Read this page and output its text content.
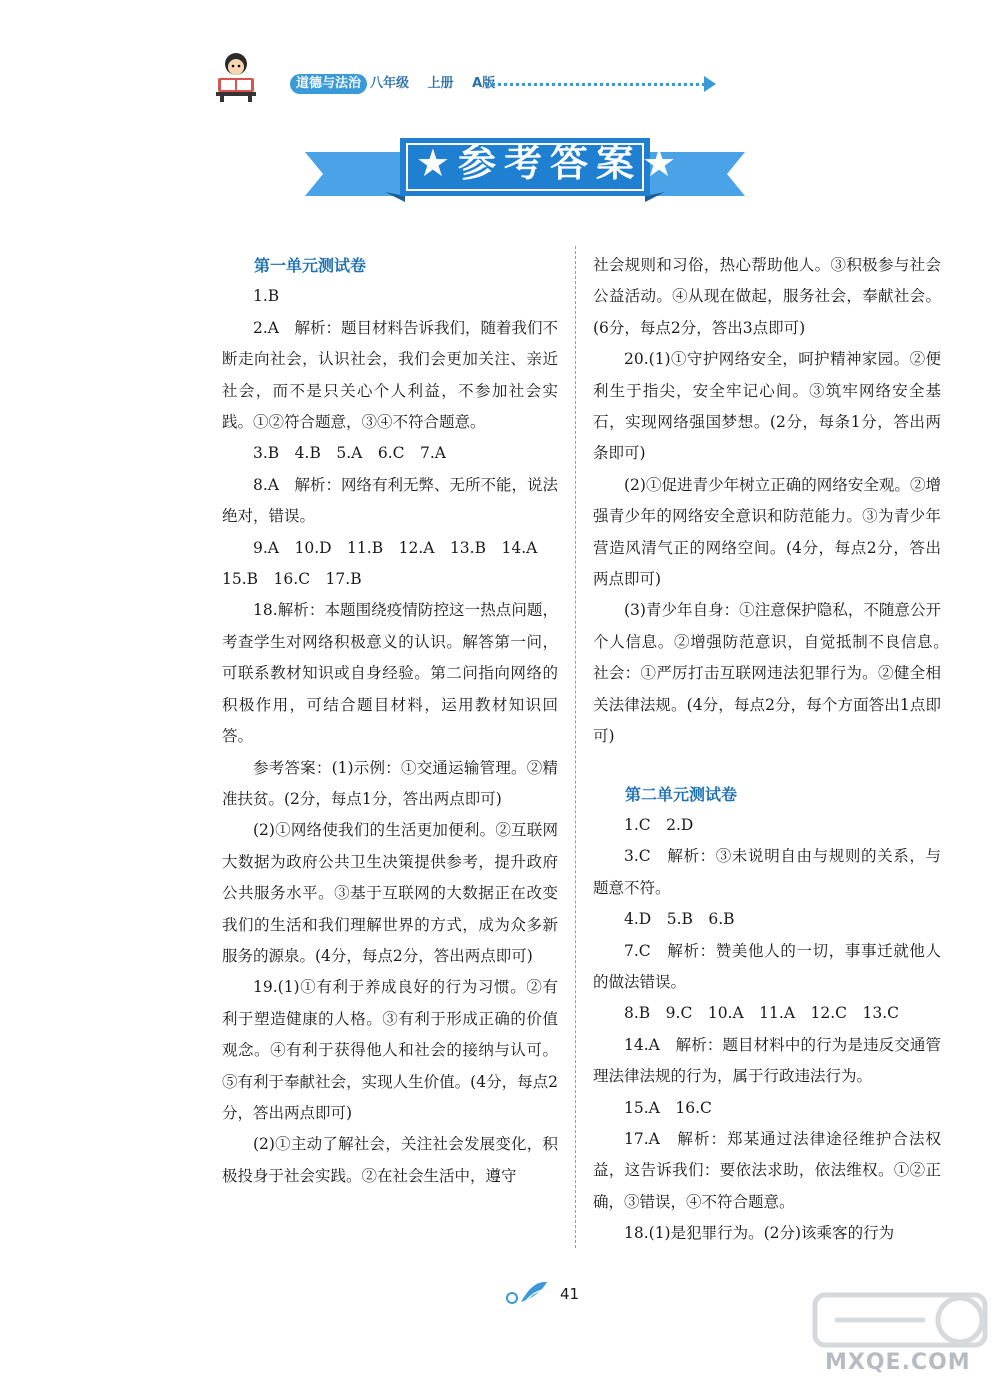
道德与法治 八年级 上册 A版
★参考答案★

第一单元测试卷

1.B

2.A　解析：题目材料告诉我们，随着我们不断走向社会，认识社会，我们会更加关注、亲近社会，而不是只关心个人利益，不参加社会实践。①②符合题意，③④不符合题意。

3.B　4.B　5.A　6.C　7.A

8.A　解析：网络有利无弊、无所不能，说法绝对，错误。

9.A　10.D　11.B　12.A　13.B　14.A

15.B　16.C　17.B

18.解析：本题围绕疫情防控这一热点问题，考查学生对网络积极意义的认识。解答第一问，可联系教材知识或自身经验。第二问指向网络的积极作用，可结合题目材料，运用教材知识回答。

参考答案：(1)示例：①交通运输管理。②精准扶贫。(2分，每点1分，答出两点即可)

(2)①网络使我们的生活更加便利。②互联网大数据为政府公共卫生决策提供参考，提升政府公共服务水平。③基于互联网的大数据正在改变我们的生活和我们理解世界的方式，成为众多新服务的源泉。(4分，每点2分，答出两点即可)

19.(1)①有利于养成良好的行为习惯。②有利于塑造健康的人格。③有利于形成正确的价值观念。④有利于获得他人和社会的接纳与认可。⑤有利于奉献社会，实现人生价值。(4分，每点2分，答出两点即可)

(2)①主动了解社会，关注社会发展变化，积极投身于社会实践。②在社会生活中，遵守

社会规则和习俗，热心帮助他人。③积极参与社会公益活动。④从现在做起，服务社会，奉献社会。(6分，每点2分，答出3点即可)

20.(1)①守护网络安全，呵护精神家园。②便利生于指尖，安全牢记心间。③筑牢网络安全基石，实现网络强国梦想。(2分，每条1分，答出两条即可)

(2)①促进青少年树立正确的网络安全观。②增强青少年的网络安全意识和防范能力。③为青少年营造风清气正的网络空间。(4分，每点2分，答出两点即可)

(3)青少年自身：①注意保护隐私，不随意公开个人信息。②增强防范意识，自觉抵制不良信息。　社会：①严厉打击互联网违法犯罪行为。②健全相关法律法规。(4分，每点2分，每个方面答出1点即可)

第二单元测试卷

1.C　2.D

3.C　解析：③未说明自由与规则的关系，与题意不符。

4.D　5.B　6.B

7.C　解析：赞美他人的一切，事事迁就他人的做法错误。

8.B　9.C　10.A　11.A　12.C　13.C

14.A　解析：题目材料中的行为是违反交通管理法律法规的行为，属于行政违法行为。

15.A　16.C

17.A　解析：郑某通过法律途径维护合法权益，这告诉我们：要依法求助，依法维权。①②正确，③错误，④不符合题意。

18.(1)是犯罪行为。(2分)该乘客的行为

41
MXQE.COM
